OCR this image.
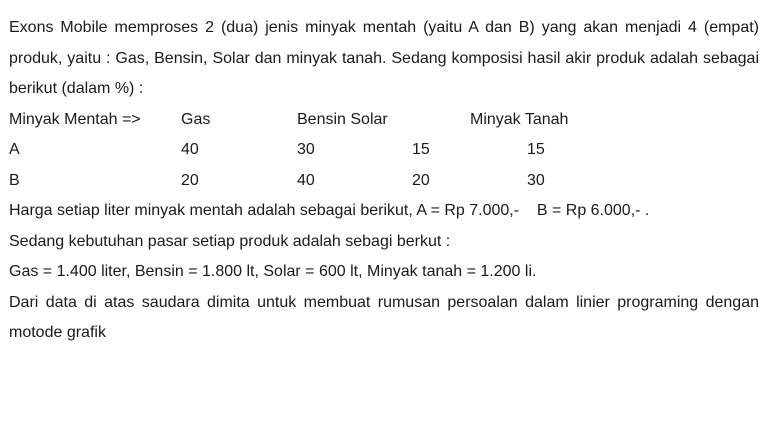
Exons Mobile memproses 2 (dua) jenis minyak mentah (yaitu A dan B) yang akan menjadi 4 (empat) produk, yaitu : Gas, Bensin, Solar dan minyak tanah. Sedang komposisi hasil akir produk adalah sebagai berikut (dalam %) :

Minyak Mentah =>	Gas	Bensin Solar	Minyak Tanah
A	40	30	15	15
B	20	40	20	30
Harga setiap liter minyak mentah adalah sebagai berikut, A = Rp 7.000,-    B = Rp 6.000,- .
Sedang kebutuhan pasar setiap produk adalah sebagi berkut :
Gas = 1.400 liter, Bensin = 1.800 lt, Solar = 600 lt, Minyak tanah = 1.200 li.

Dari data di atas saudara dimita untuk membuat rumusan persoalan dalam linier programing dengan motode grafik
